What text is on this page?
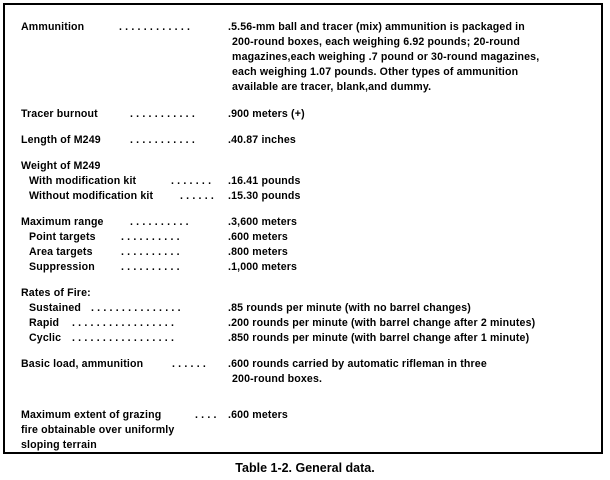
Ammunition	. . . . . . . . . . . .	.5.56-mm ball and tracer (mix) ammunition is packaged in
200-round boxes, each weighing 6.92 pounds; 20-round
magazines,each weighing .7 pound or 30-round magazines,
each weighing 1.07 pounds. Other types of ammunition
available are tracer, blank,and dummy.
Tracer burnout	. . . . . . . . . . .	.900 meters (+)
Length of M249	. . . . . . . . . . .	.40.87 inches
Weight of M249
With modification kit	. . . . . . . .16.41 pounds
Without modification kit	. . . . . . .15.30 pounds
Maximum range . . . . . . . . . .	.3,600 meters
Point targets . . . . . . . . . .	.600 meters
Area targets	. . . . . . . . . .	.800 meters
Suppression . . . . . . . . . .	.1,000 meters
Rates of Fire:
Sustained . . . . . . . . . . . . . . .	.85 rounds per minute (with no barrel changes)
Rapid . . . . . . . . . . . . . . . . .	.200 rounds per minute (with barrel change after 2 minutes)
Cyclic . . . . . . . . . . . . . . . . .	.850 rounds per minute (with barrel change after 1 minute)
Basic load, ammunition	. . . . . . .600 rounds carried by automatic rifleman in three
200-round boxes.
Maximum extent of grazing
fire obtainable over uniformly
sloping terrain
. . . . .600 meters
Table 1-2. General data.
